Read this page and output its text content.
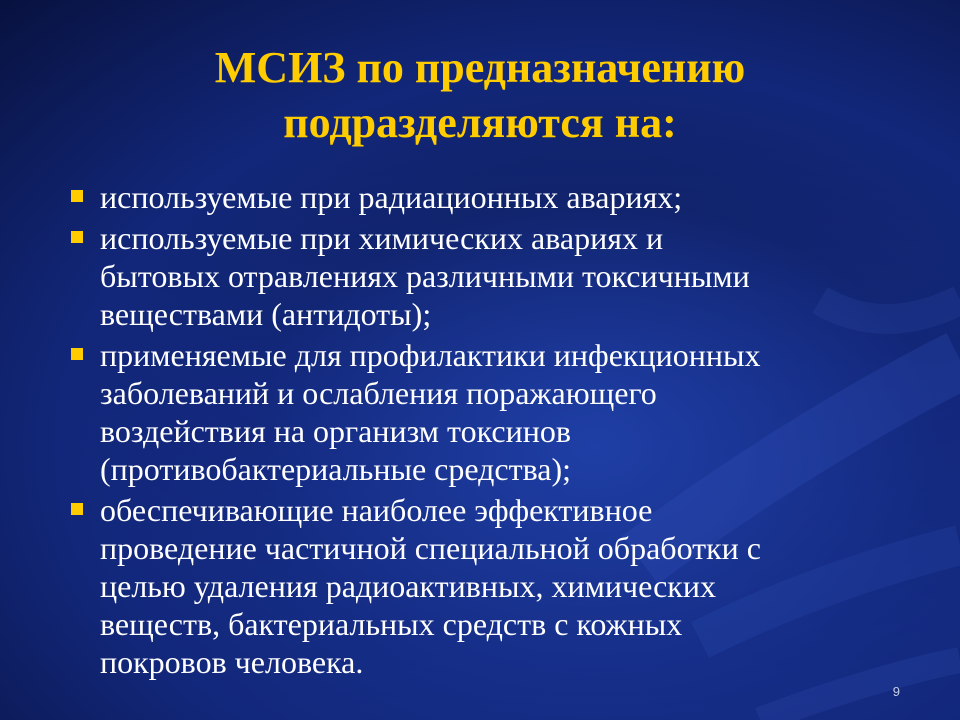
МСИЗ по предназначению
подразделяются на:
используемые при радиационных авариях;
используемые при химических авариях и
бытовых отравлениях различными токсичными
веществами (антидоты);
применяемые для профилактики инфекционных
заболеваний и ослабления поражающего
воздействия на организм токсинов
(противобактериальные средства);
обеспечивающие наиболее эффективное
проведение частичной специальной обработки с
целью удаления радиоактивных, химических
веществ, бактериальных средств с кожных
покровов человека.
9
